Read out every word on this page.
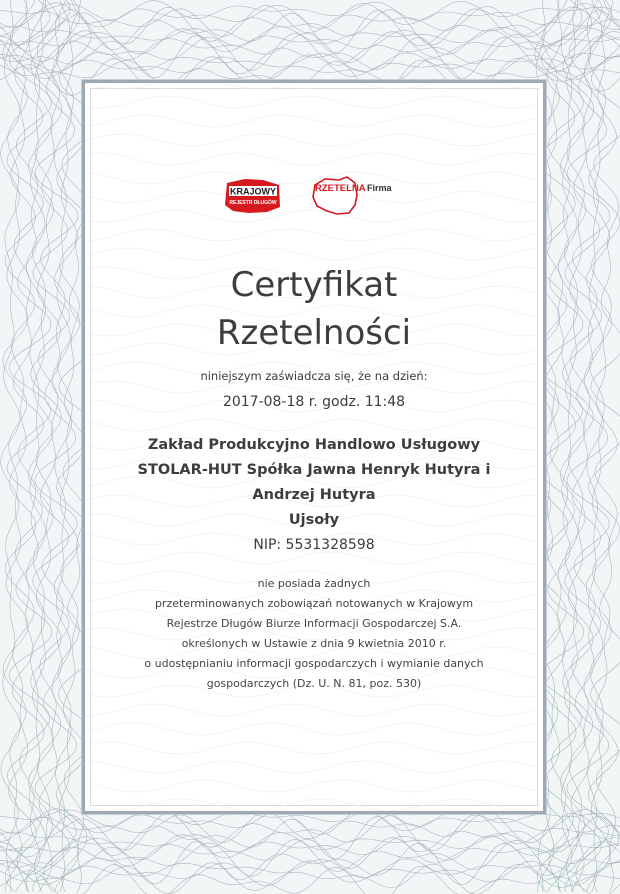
KRAJOWY
REJESTR DŁUGÓW
RZETELNA Firma
Certyfikat
Rzetelności
niniejszym zaświadcza się, że na dzień:
2017-08-18 r. godz. 11:48
Zakład Produkcyjno Handlowo Usługowy
STOLAR-HUT Spółka Jawna Henryk Hutyra i
Andrzej Hutyra
Ujsoły
NIP: 5531328598
nie posiada żadnych
przeterminowanych zobowiązań notowanych w Krajowym
Rejestrze Długów Biurze Informacji Gospodarczej S.A.
określonych w Ustawie z dnia 9 kwietnia 2010 r.
o udostępnianiu informacji gospodarczych i wymianie danych
gospodarczych (Dz. U. N. 81, poz. 530)
